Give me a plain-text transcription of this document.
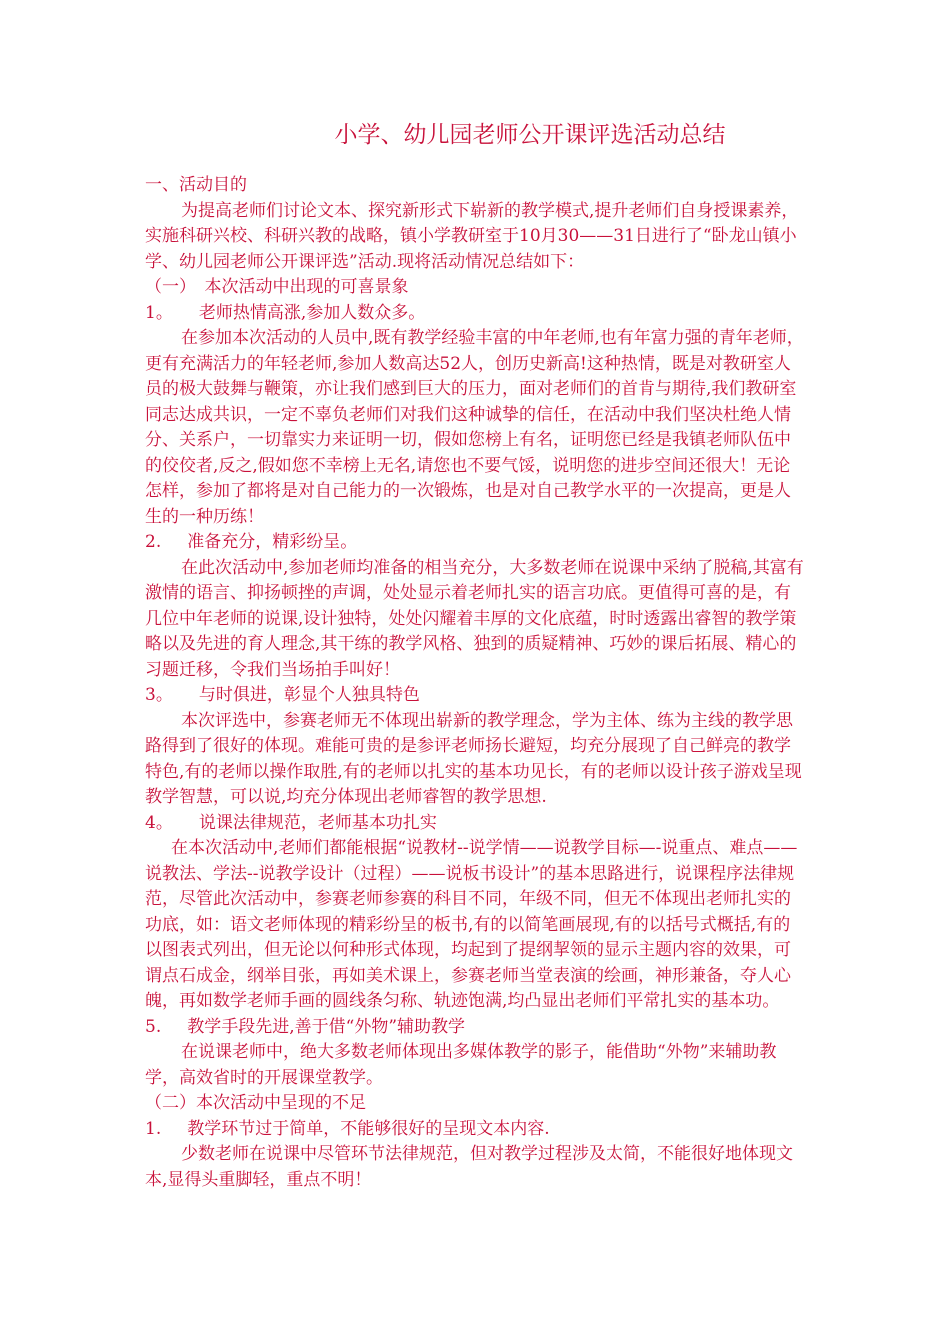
小学、幼儿园老师公开课评选活动总结

一、活动目的

为提高老师们讨论文本、探究新形式下崭新的教学模式,提升老师们自身授课素养，实施科研兴校、科研兴教的战略，镇小学教研室于10月30——31日进行了“卧龙山镇小学、幼儿园老师公开课评选”活动.现将活动情况总结如下：

（一）　本次活动中出现的可喜景象

1。 老师热情高涨,参加人数众多。

在参加本次活动的人员中,既有教学经验丰富的中年老师,也有年富力强的青年老师，更有充满活力的年轻老师,参加人数高达52人，创历史新高!这种热情，既是对教研室人员的极大鼓舞与鞭策，亦让我们感到巨大的压力，面对老师们的首肯与期待,我们教研室同志达成共识，一定不辜负老师们对我们这种诚挚的信任，在活动中我们坚决杜绝人情分、关系户，一切靠实力来证明一切，假如您榜上有名，证明您已经是我镇老师队伍中的佼佼者,反之,假如您不幸榜上无名,请您也不要气馁，说明您的进步空间还很大！无论怎样，参加了都将是对自己能力的一次锻炼，也是对自己教学水平的一次提高，更是人生的一种历练！

2. 准备充分，精彩纷呈。

在此次活动中,参加老师均准备的相当充分，大多数老师在说课中采纳了脱稿,其富有激情的语言、抑扬顿挫的声调，处处显示着老师扎实的语言功底。更值得可喜的是，有几位中年老师的说课,设计独特，处处闪耀着丰厚的文化底蕴，时时透露出睿智的教学策略以及先进的育人理念,其干练的教学风格、独到的质疑精神、巧妙的课后拓展、精心的习题迁移，令我们当场拍手叫好！

3。 与时俱进，彰显个人独具特色

本次评选中，参赛老师无不体现出崭新的教学理念，学为主体、练为主线的教学思路得到了很好的体现。难能可贵的是参评老师扬长避短，均充分展现了自己鲜亮的教学特色,有的老师以操作取胜,有的老师以扎实的基本功见长，有的老师以设计孩子游戏呈现教学智慧，可以说,均充分体现出老师睿智的教学思想.

4。 说课法律规范，老师基本功扎实

在本次活动中,老师们都能根据“说教材--说学情——说教学目标—-说重点、难点——说教法、学法--说教学设计（过程）——说板书设计”的基本思路进行，说课程序法律规范，尽管此次活动中，参赛老师参赛的科目不同，年级不同，但无不体现出老师扎实的功底，如：语文老师体现的精彩纷呈的板书,有的以简笔画展现,有的以括号式概括,有的以图表式列出，但无论以何种形式体现，均起到了提纲挈领的显示主题内容的效果，可谓点石成金，纲举目张，再如美术课上，参赛老师当堂表演的绘画，神形兼备，夺人心魄，再如数学老师手画的圆线条匀称、轨迹饱满,均凸显出老师们平常扎实的基本功。

5. 教学手段先进,善于借“外物”辅助教学

在说课老师中，绝大多数老师体现出多媒体教学的影子，能借助“外物”来辅助教学，高效省时的开展课堂教学。

（二）本次活动中呈现的不足

1. 教学环节过于简单，不能够很好的呈现文本内容.

少数老师在说课中尽管环节法律规范，但对教学过程涉及太简，不能很好地体现文本,显得头重脚轻，重点不明！
